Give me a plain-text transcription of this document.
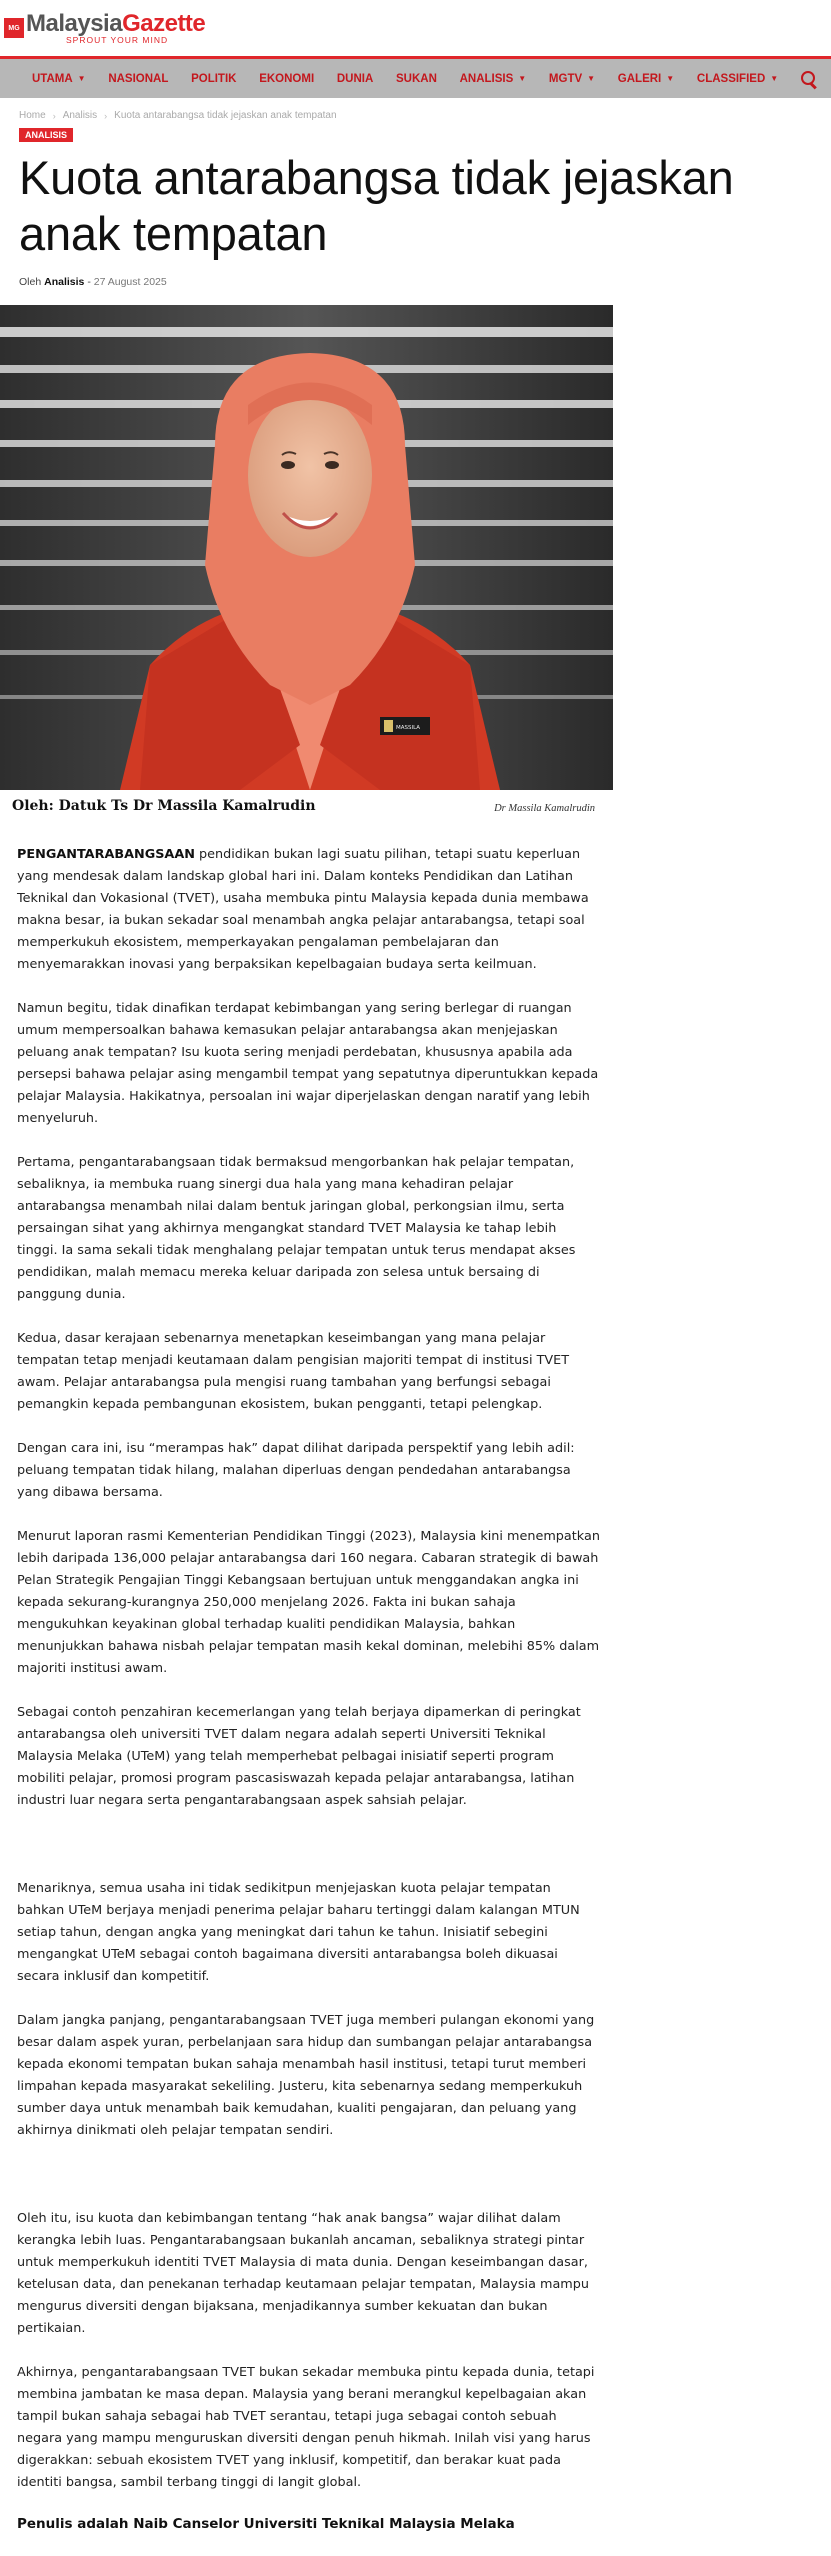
MG MalaysiaGazette
SPROUT YOUR MIND
UTAMA ▼ NASIONAL POLITIK EKONOMI DUNIA SUKAN ANALISIS ▼ MGTV ▼ GALERI ▼ CLASSIFIED ▼
Home › Analisis › Kuota antarabangsa tidak jejaskan anak tempatan
ANALISIS
Kuota antarabangsa tidak jejaskan anak tempatan
Oleh Analisis - 27 August 2025
MASSILA
Oleh: Datuk Ts Dr Massila Kamalrudin	Dr Massila Kamalrudin

PENGANTARABANGSAAN pendidikan bukan lagi suatu pilihan, tetapi suatu keperluan yang mendesak dalam landskap global hari ini. Dalam konteks Pendidikan dan Latihan Teknikal dan Vokasional (TVET), usaha membuka pintu Malaysia kepada dunia membawa makna besar, ia bukan sekadar soal menambah angka pelajar antarabangsa, tetapi soal memperkukuh ekosistem, memperkayakan pengalaman pembelajaran dan menyemarakkan inovasi yang berpaksikan kepelbagaian budaya serta keilmuan.

Namun begitu, tidak dinafikan terdapat kebimbangan yang sering berlegar di ruangan umum mempersoalkan bahawa kemasukan pelajar antarabangsa akan menjejaskan peluang anak tempatan? Isu kuota sering menjadi perdebatan, khususnya apabila ada persepsi bahawa pelajar asing mengambil tempat yang sepatutnya diperuntukkan kepada pelajar Malaysia. Hakikatnya, persoalan ini wajar diperjelaskan dengan naratif yang lebih menyeluruh.

Pertama, pengantarabangsaan tidak bermaksud mengorbankan hak pelajar tempatan, sebaliknya, ia membuka ruang sinergi dua hala yang mana kehadiran pelajar antarabangsa menambah nilai dalam bentuk jaringan global, perkongsian ilmu, serta persaingan sihat yang akhirnya mengangkat standard TVET Malaysia ke tahap lebih tinggi. Ia sama sekali tidak menghalang pelajar tempatan untuk terus mendapat akses pendidikan, malah memacu mereka keluar daripada zon selesa untuk bersaing di panggung dunia.

Kedua, dasar kerajaan sebenarnya menetapkan keseimbangan yang mana pelajar tempatan tetap menjadi keutamaan dalam pengisian majoriti tempat di institusi TVET awam. Pelajar antarabangsa pula mengisi ruang tambahan yang berfungsi sebagai pemangkin kepada pembangunan ekosistem, bukan pengganti, tetapi pelengkap.

Dengan cara ini, isu “merampas hak” dapat dilihat daripada perspektif yang lebih adil: peluang tempatan tidak hilang, malahan diperluas dengan pendedahan antarabangsa yang dibawa bersama.

Menurut laporan rasmi Kementerian Pendidikan Tinggi (2023), Malaysia kini menempatkan lebih daripada 136,000 pelajar antarabangsa dari 160 negara. Cabaran strategik di bawah Pelan Strategik Pengajian Tinggi Kebangsaan bertujuan untuk menggandakan angka ini kepada sekurang-kurangnya 250,000 menjelang 2026. Fakta ini bukan sahaja mengukuhkan keyakinan global terhadap kualiti pendidikan Malaysia, bahkan menunjukkan bahawa nisbah pelajar tempatan masih kekal dominan, melebihi 85% dalam majoriti institusi awam.

Sebagai contoh penzahiran kecemerlangan yang telah berjaya dipamerkan di peringkat antarabangsa oleh universiti TVET dalam negara adalah seperti Universiti Teknikal Malaysia Melaka (UTeM) yang telah memperhebat pelbagai inisiatif seperti program mobiliti pelajar, promosi program pascasiswazah kepada pelajar antarabangsa, latihan industri luar negara serta pengantarabangsaan aspek sahsiah pelajar.

Menariknya, semua usaha ini tidak sedikitpun menjejaskan kuota pelajar tempatan bahkan UTeM berjaya menjadi penerima pelajar baharu tertinggi dalam kalangan MTUN setiap tahun, dengan angka yang meningkat dari tahun ke tahun. Inisiatif sebegini mengangkat UTeM sebagai contoh bagaimana diversiti antarabangsa boleh dikuasai secara inklusif dan kompetitif.

Dalam jangka panjang, pengantarabangsaan TVET juga memberi pulangan ekonomi yang besar dalam aspek yuran, perbelanjaan sara hidup dan sumbangan pelajar antarabangsa kepada ekonomi tempatan bukan sahaja menambah hasil institusi, tetapi turut memberi limpahan kepada masyarakat sekeliling. Justeru, kita sebenarnya sedang memperkukuh sumber daya untuk menambah baik kemudahan, kualiti pengajaran, dan peluang yang akhirnya dinikmati oleh pelajar tempatan sendiri.

Oleh itu, isu kuota dan kebimbangan tentang “hak anak bangsa” wajar dilihat dalam kerangka lebih luas. Pengantarabangsaan bukanlah ancaman, sebaliknya strategi pintar untuk memperkukuh identiti TVET Malaysia di mata dunia. Dengan keseimbangan dasar, ketelusan data, dan penekanan terhadap keutamaan pelajar tempatan, Malaysia mampu mengurus diversiti dengan bijaksana, menjadikannya sumber kekuatan dan bukan pertikaian.

Akhirnya, pengantarabangsaan TVET bukan sekadar membuka pintu kepada dunia, tetapi membina jambatan ke masa depan. Malaysia yang berani merangkul kepelbagaian akan tampil bukan sahaja sebagai hab TVET serantau, tetapi juga sebagai contoh sebuah negara yang mampu menguruskan diversiti dengan penuh hikmah. Inilah visi yang harus digerakkan: sebuah ekosistem TVET yang inklusif, kompetitif, dan berakar kuat pada identiti bangsa, sambil terbang tinggi di langit global.

Penulis adalah Naib Canselor Universiti Teknikal Malaysia Melaka
